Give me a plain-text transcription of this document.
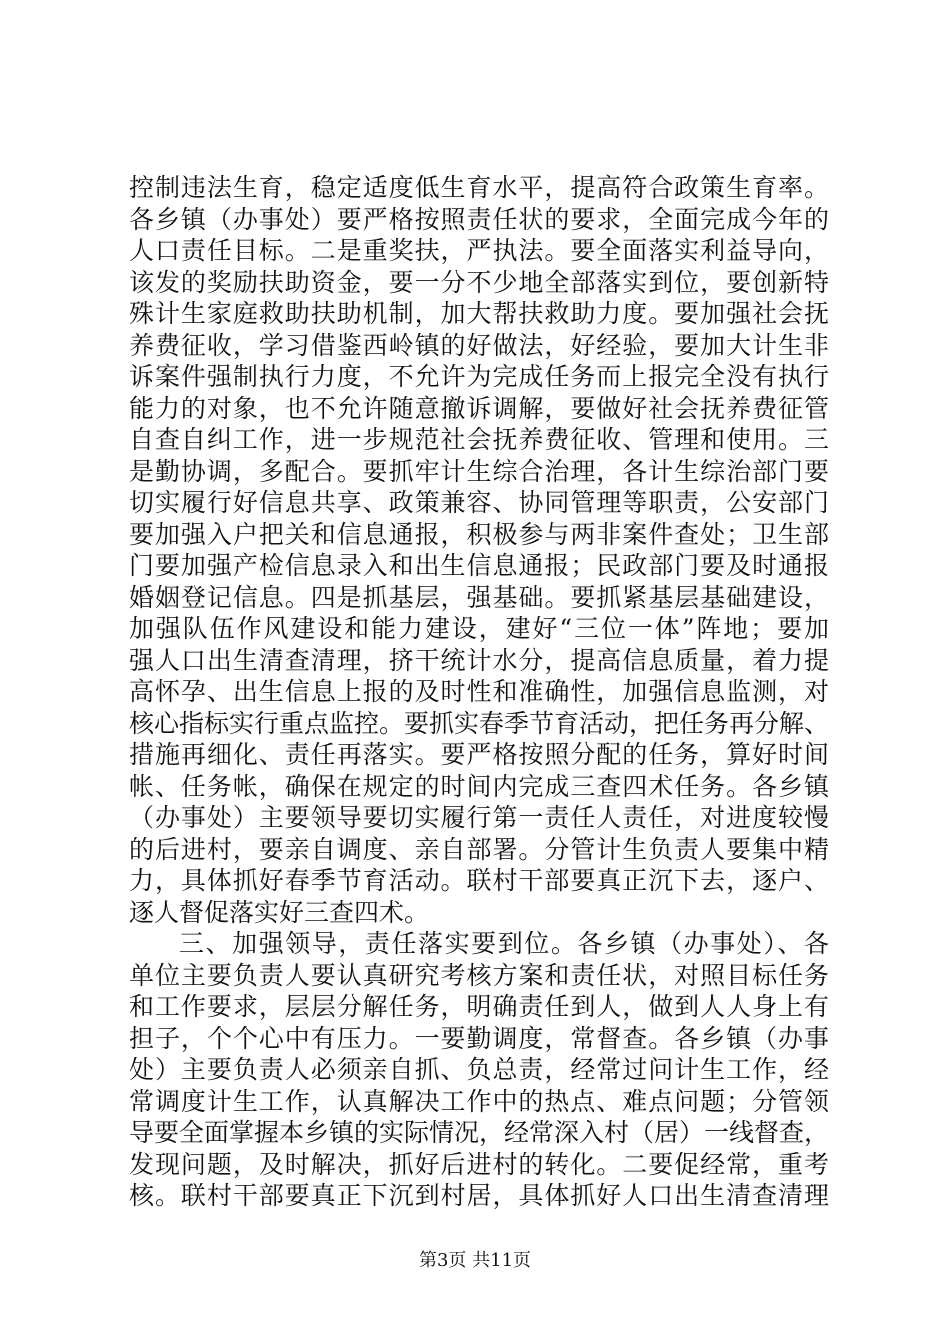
控制违法生育，稳定适度低生育水平，提高符合政策生育率。
各乡镇（办事处）要严格按照责任状的要求，全面完成今年的
人口责任目标。二是重奖扶，严执法。要全面落实利益导向，
该发的奖励扶助资金，要一分不少地全部落实到位，要创新特
殊计生家庭救助扶助机制，加大帮扶救助力度。要加强社会抚
养费征收，学习借鉴西岭镇的好做法，好经验，要加大计生非
诉案件强制执行力度，不允许为完成任务而上报完全没有执行
能力的对象，也不允许随意撤诉调解，要做好社会抚养费征管
自查自纠工作，进一步规范社会抚养费征收、管理和使用。三
是勤协调，多配合。要抓牢计生综合治理，各计生综治部门要
切实履行好信息共享、政策兼容、协同管理等职责，公安部门
要加强入户把关和信息通报，积极参与两非案件查处；卫生部
门要加强产检信息录入和出生信息通报；民政部门要及时通报
婚姻登记信息。四是抓基层，强基础。要抓紧基层基础建设，
加强队伍作风建设和能力建设，建好“三位一体”阵地；要加
强人口出生清查清理，挤干统计水分，提高信息质量，着力提
高怀孕、出生信息上报的及时性和准确性，加强信息监测，对
核心指标实行重点监控。要抓实春季节育活动，把任务再分解、
措施再细化、责任再落实。要严格按照分配的任务，算好时间
帐、任务帐，确保在规定的时间内完成三查四术任务。各乡镇
（办事处）主要领导要切实履行第一责任人责任，对进度较慢
的后进村，要亲自调度、亲自部署。分管计生负责人要集中精
力，具体抓好春季节育活动。联村干部要真正沉下去，逐户、
逐人督促落实好三查四术。
三、加强领导，责任落实要到位。各乡镇（办事处）、各
单位主要负责人要认真研究考核方案和责任状，对照目标任务
和工作要求，层层分解任务，明确责任到人，做到人人身上有
担子，个个心中有压力。一要勤调度，常督查。各乡镇（办事
处）主要负责人必须亲自抓、负总责，经常过问计生工作，经
常调度计生工作，认真解决工作中的热点、难点问题；分管领
导要全面掌握本乡镇的实际情况，经常深入村（居）一线督查，
发现问题，及时解决，抓好后进村的转化。二要促经常，重考
核。联村干部要真正下沉到村居，具体抓好人口出生清查清理
第3页 共11页
